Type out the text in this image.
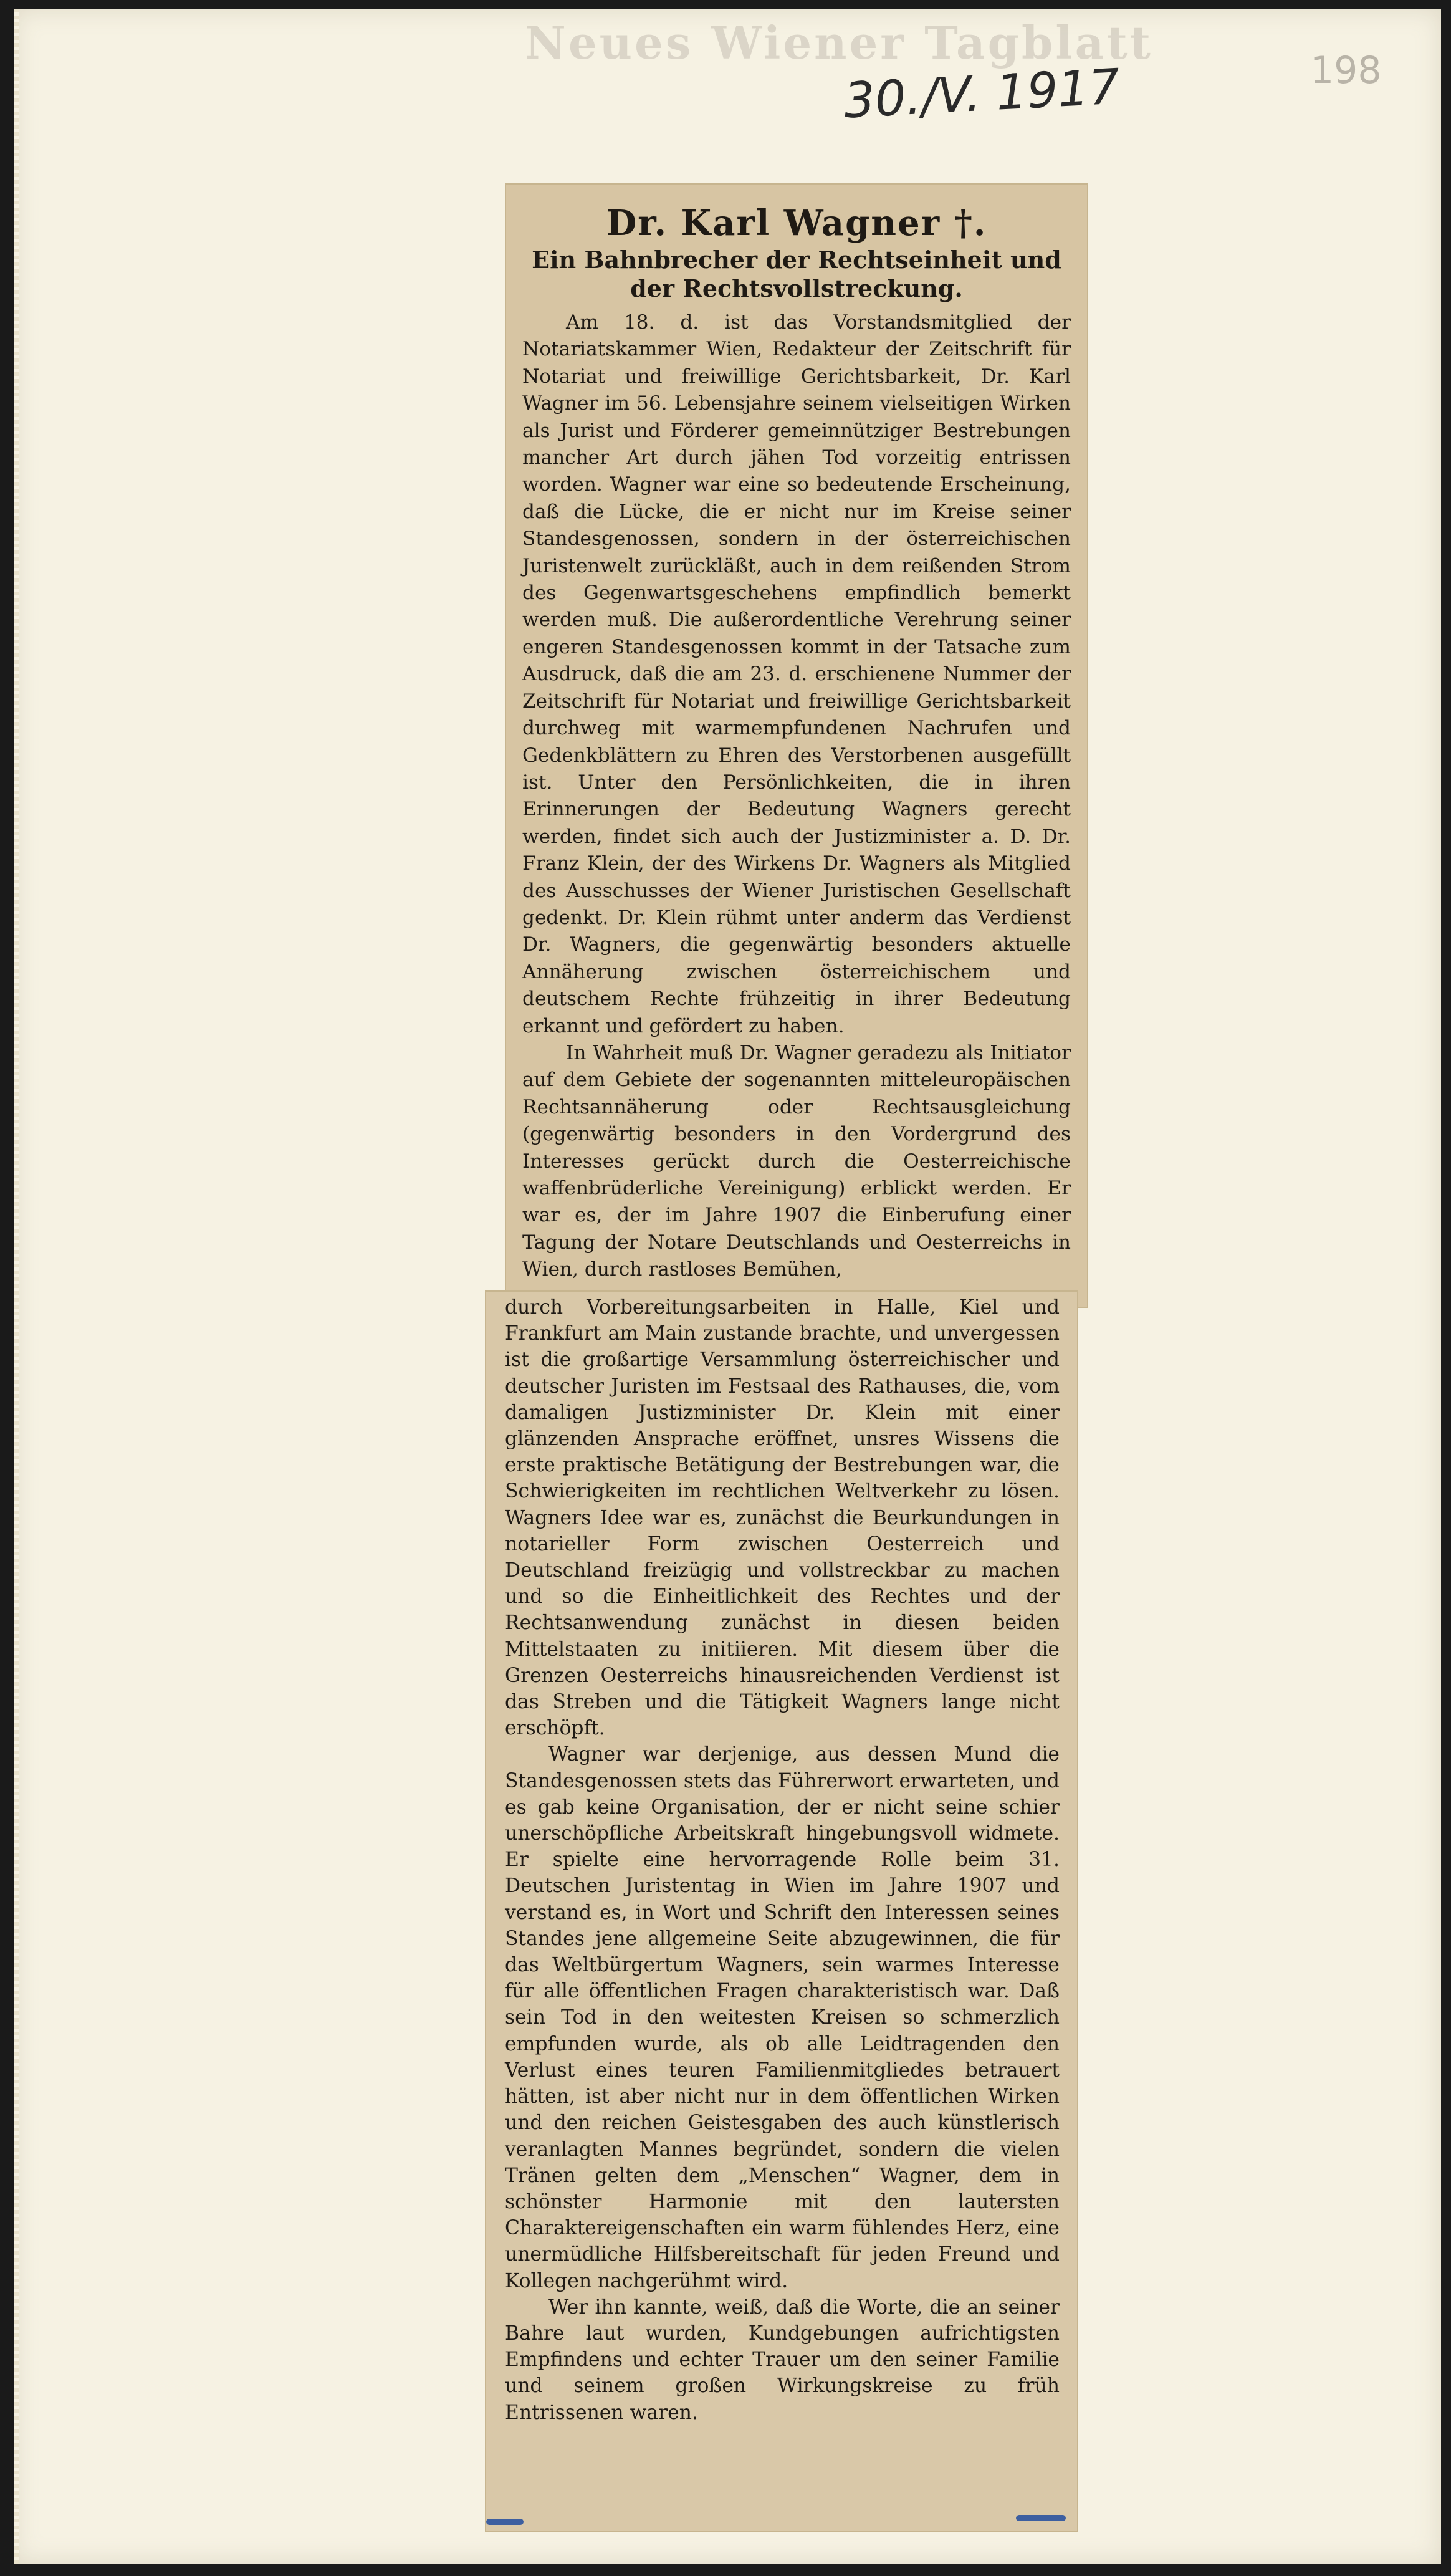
Neues Wiener Tagblatt
30./V. 1917	198
Dr. Karl Wagner †.
Ein Bahnbrecher der Rechtseinheit und der Rechtsvollstreckung.

Am 18. d. ist das Vorstandsmitglied der Notariatskammer Wien, Redakteur der Zeitschrift für Notariat und freiwillige Gerichtsbarkeit, Dr. Karl Wagner im 56. Lebensjahre seinem vielseitigen Wirken als Jurist und Förderer gemeinnütziger Bestrebungen mancher Art durch jähen Tod vorzeitig entrissen worden. Wagner war eine so bedeutende Erscheinung, daß die Lücke, die er nicht nur im Kreise seiner Standesgenossen, sondern in der österreichischen Juristenwelt zurückläßt, auch in dem reißenden Strom des Gegenwartsgeschehens empfindlich bemerkt werden muß. Die außerordentliche Verehrung seiner engeren Standesgenossen kommt in der Tatsache zum Ausdruck, daß die am 23. d. erschienene Nummer der Zeitschrift für Notariat und freiwillige Gerichtsbarkeit durchweg mit warmempfundenen Nachrufen und Gedenkblättern zu Ehren des Verstorbenen ausgefüllt ist. Unter den Persönlichkeiten, die in ihren Erinnerungen der Bedeutung Wagners gerecht werden, findet sich auch der Justizminister a. D. Dr. Franz Klein, der des Wirkens Dr. Wagners als Mitglied des Ausschusses der Wiener Juristischen Gesellschaft gedenkt. Dr. Klein rühmt unter anderm das Verdienst Dr. Wagners, die gegenwärtig besonders aktuelle Annäherung zwischen österreichischem und deutschem Rechte frühzeitig in ihrer Bedeutung erkannt und gefördert zu haben.

In Wahrheit muß Dr. Wagner geradezu als Initiator auf dem Gebiete der sogenannten mitteleuropäischen Rechtsannäherung oder Rechtsausgleichung (gegenwärtig besonders in den Vordergrund des Interesses gerückt durch die Oesterreichische waffenbrüderliche Vereinigung) erblickt werden. Er war es, der im Jahre 1907 die Einberufung einer Tagung der Notare Deutschlands und Oesterreichs in Wien, durch rastloses Bemühen,

durch Vorbereitungsarbeiten in Halle, Kiel und Frankfurt am Main zustande brachte, und unvergessen ist die großartige Versammlung österreichischer und deutscher Juristen im Festsaal des Rathauses, die, vom damaligen Justizminister Dr. Klein mit einer glänzenden Ansprache eröffnet, unsres Wissens die erste praktische Betätigung der Bestrebungen war, die Schwierigkeiten im rechtlichen Weltverkehr zu lösen. Wagners Idee war es, zunächst die Beurkundungen in notarieller Form zwischen Oesterreich und Deutschland freizügig und vollstreckbar zu machen und so die Einheitlichkeit des Rechtes und der Rechtsanwendung zunächst in diesen beiden Mittelstaaten zu initiieren. Mit diesem über die Grenzen Oesterreichs hinausreichenden Verdienst ist das Streben und die Tätigkeit Wagners lange nicht erschöpft.

Wagner war derjenige, aus dessen Mund die Standesgenossen stets das Führerwort erwarteten, und es gab keine Organisation, der er nicht seine schier unerschöpfliche Arbeitskraft hingebungsvoll widmete. Er spielte eine hervorragende Rolle beim 31. Deutschen Juristentag in Wien im Jahre 1907 und verstand es, in Wort und Schrift den Interessen seines Standes jene allgemeine Seite abzugewinnen, die für das Weltbürgertum Wagners, sein warmes Interesse für alle öffentlichen Fragen charakteristisch war. Daß sein Tod in den weitesten Kreisen so schmerzlich empfunden wurde, als ob alle Leidtragenden den Verlust eines teuren Familienmitgliedes betrauert hätten, ist aber nicht nur in dem öffentlichen Wirken und den reichen Geistesgaben des auch künstlerisch veranlagten Mannes begründet, sondern die vielen Tränen gelten dem „Menschen“ Wagner, dem in schönster Harmonie mit den lautersten Charaktereigenschaften ein warm fühlendes Herz, eine unermüdliche Hilfsbereitschaft für jeden Freund und Kollegen nachgerühmt wird.

Wer ihn kannte, weiß, daß die Worte, die an seiner Bahre laut wurden, Kundgebungen aufrichtigsten Empfindens und echter Trauer um den seiner Familie und seinem großen Wirkungskreise zu früh Entrissenen waren.
